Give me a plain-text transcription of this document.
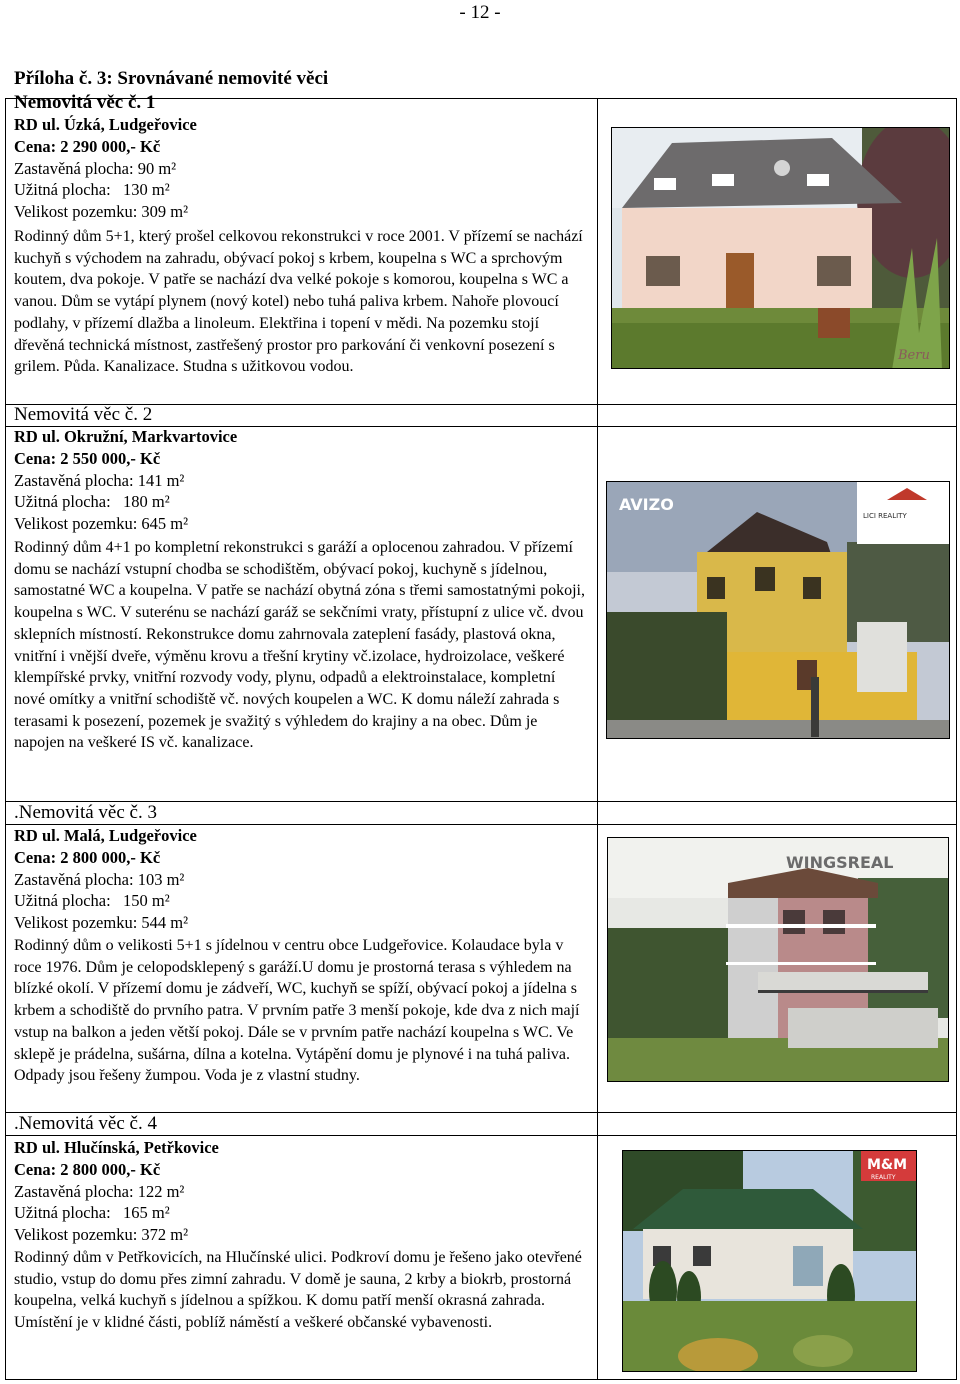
- 12 -
Příloha č. 3: Srovnávané nemovité věci
Nemovitá věc č. 1
RD ul. Úzká, Ludgeřovice
Cena: 2 290 000,- Kč
Zastavěná plocha: 90 m²
Užitná plocha:   130 m²
Velikost pozemku: 309 m²

Rodinný dům 5+1, který prošel celkovou rekonstrukci v roce 2001. V přízemí se nachází kuchyň s východem na zahradu, obývací pokoj s krbem, koupelna s WC a sprchovým koutem, dva pokoje. V patře se nachází dva velké pokoje s komorou, koupelna s WC a vanou. Dům se vytápí plynem (nový kotel) nebo tuhá paliva krbem. Nahoře plovoucí podlahy, v přízemí dlažba a linoleum. Elektřina i topení v mědi. Na pozemku stojí dřevěná technická místnost, zastřešený prostor pro parkování či venkovní posezení s grilem. Půda. Kanalizace. Studna s užitkovou vodou.

Beru
Nemovitá věc č. 2
RD ul. Okružní, Markvartovice
Cena: 2 550 000,- Kč
Zastavěná plocha: 141 m²
Užitná plocha:   180 m²
Velikost pozemku: 645 m²

Rodinný dům 4+1 po kompletní rekonstrukci s garáží a oplocenou zahradou. V přízemí domu se nachází vstupní chodba se schodištěm, obývací pokoj, kuchyně s jídelnou, samostatné WC a koupelna. V patře se nachází obytná zóna s třemi samostatnými pokoji, koupelna s WC. V suterénu se nachází garáž se sekčními vraty, přístupní z ulice vč. dvou sklepních místností. Rekonstrukce domu zahrnovala zateplení fasády, plastová okna, vnitřní i vnější dveře, výměnu krovu a třešní krytiny vč.izolace, hydroizolace, veškeré klempířské prvky, vnitřní rozvody vody, plynu, odpadů a elektroinstalace, kompletní nové omítky a vnitřní schodiště vč. nových koupelen a WC. K domu náleží zahrada s terasami k posezení, pozemek je svažitý s výhledem do krajiny a na obec. Dům je napojen na veškeré IS vč. kanalizace.

LICI REALITY
AVIZO
.Nemovitá věc č. 3
RD ul. Malá, Ludgeřovice
Cena: 2 800 000,- Kč
Zastavěná plocha: 103 m²
Užitná plocha:   150 m²
Velikost pozemku: 544 m²

Rodinný dům o velikosti 5+1 s jídelnou v centru obce Ludgeřovice. Kolaudace byla v roce 1976. Dům je celopodsklepený s garáží.U domu je prostorná terasa s výhledem na blízké okolí. V přízemí domu je zádveří, WC, kuchyň se spíží, obývací pokoj a jídelna s krbem a schodiště do prvního patra. V prvním patře 3 menší pokoje, kde dva z nich mají vstup na balkon a jeden větší pokoj. Dále se v prvním patře nachází koupelna s WC. Ve sklepě je prádelna, sušárna, dílna a kotelna. Vytápění domu je plynové i na tuhá paliva. Odpady jsou řešeny žumpou. Voda je z vlastní studny.

WINGSREAL
.Nemovitá věc č. 4
RD ul. Hlučínská, Petřkovice
Cena: 2 800 000,- Kč
Zastavěná plocha: 122 m²
Užitná plocha:   165 m²
Velikost pozemku: 372 m²

Rodinný dům v Petřkovicích, na Hlučínské ulici. Podkroví domu je řešeno jako otevřené studio, vstup do domu přes zimní zahradu. V domě je sauna, 2 krby a biokrb, prostorná koupelna, velká kuchyň s jídelnou a spížkou. K domu patří menší okrasná zahrada. Umístění je v klidné části, poblíž náměstí a veškeré občanské vybavenosti.

M&M
REALITY
